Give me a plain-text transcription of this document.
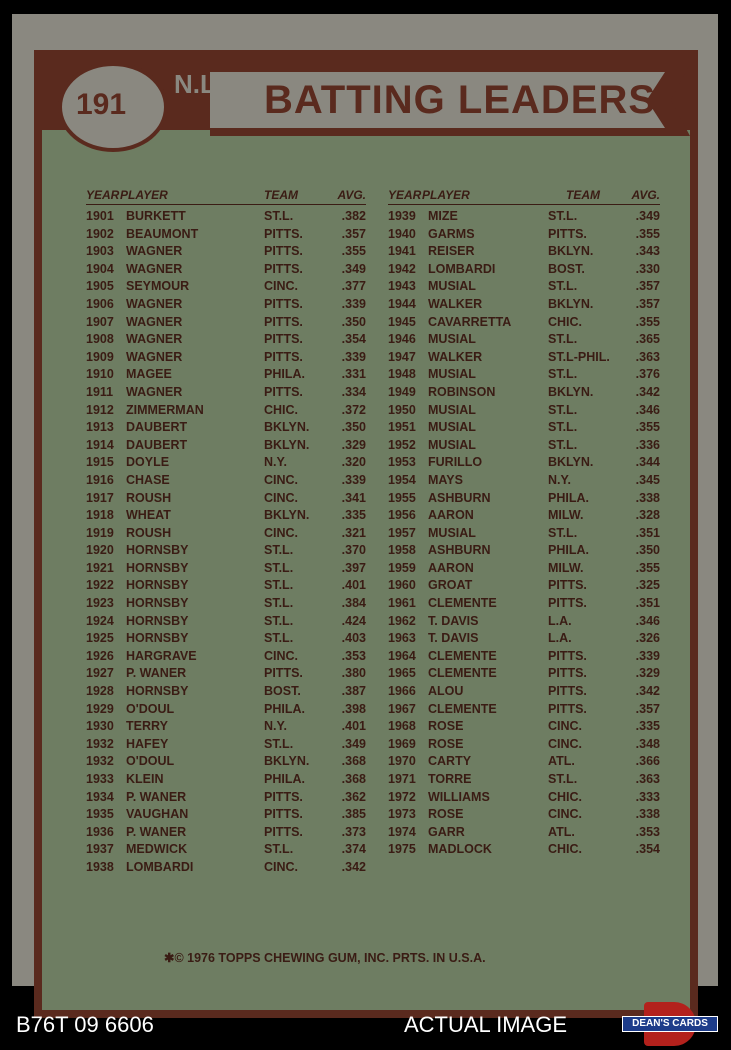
BATTING LEADERS
191
N.L.
YEAR PLAYER	TEAM	AVG.
1901 BURKETT	ST.L.	.382
1902 BEAUMONT	PITTS.	.357
1903 WAGNER	PITTS.	.355
1904 WAGNER	PITTS.	.349
1905 SEYMOUR	CINC.	.377
1906 WAGNER	PITTS.	.339
1907 WAGNER	PITTS.	.350
1908 WAGNER	PITTS.	.354
1909 WAGNER	PITTS.	.339
1910 MAGEE	PHILA.	.331
1911 WAGNER	PITTS.	.334
1912 ZIMMERMAN	CHIC.	.372
1913 DAUBERT	BKLYN.	.350
1914 DAUBERT	BKLYN.	.329
1915 DOYLE	N.Y.	.320
1916 CHASE	CINC.	.339
1917 ROUSH	CINC.	.341
1918 WHEAT	BKLYN.	.335
1919 ROUSH	CINC.	.321
1920 HORNSBY	ST.L.	.370
1921 HORNSBY	ST.L.	.397
1922 HORNSBY	ST.L.	.401
1923 HORNSBY	ST.L.	.384
1924 HORNSBY	ST.L.	.424
1925 HORNSBY	ST.L.	.403
1926 HARGRAVE	CINC.	.353
1927 P. WANER	PITTS.	.380
1928 HORNSBY	BOST.	.387
1929 O'DOUL	PHILA.	.398
1930 TERRY	N.Y.	.401
1932 HAFEY	ST.L.	.349
1932 O'DOUL	BKLYN.	.368
1933 KLEIN	PHILA.	.368
1934 P. WANER	PITTS.	.362
1935 VAUGHAN	PITTS.	.385
1936 P. WANER	PITTS.	.373
1937 MEDWICK	ST.L.	.374
1938 LOMBARDI	CINC.	.342
YEAR PLAYER	TEAM	AVG.
1939 MIZE	ST.L.	.349
1940 GARMS	PITTS.	.355
1941 REISER	BKLYN.	.343
1942 LOMBARDI	BOST.	.330
1943 MUSIAL	ST.L.	.357
1944 WALKER	BKLYN.	.357
1945 CAVARRETTA	CHIC.	.355
1946 MUSIAL	ST.L.	.365
1947 WALKER	ST.L-PHIL. .363
1948 MUSIAL	ST.L.	.376
1949 ROBINSON	BKLYN.	.342
1950 MUSIAL	ST.L.	.346
1951 MUSIAL	ST.L.	.355
1952 MUSIAL	ST.L.	.336
1953 FURILLO	BKLYN.	.344
1954 MAYS	N.Y.	.345
1955 ASHBURN	PHILA.	.338
1956 AARON	MILW.	.328
1957 MUSIAL	ST.L.	.351
1958 ASHBURN	PHILA.	.350
1959 AARON	MILW.	.355
1960 GROAT	PITTS.	.325
1961 CLEMENTE	PITTS.	.351
1962 T. DAVIS	L.A.	.346
1963 T. DAVIS	L.A.	.326
1964 CLEMENTE	PITTS.	.339
1965 CLEMENTE	PITTS.	.329
1966 ALOU	PITTS.	.342
1967 CLEMENTE	PITTS.	.357
1968 ROSE	CINC.	.335
1969 ROSE	CINC.	.348
1970 CARTY	ATL.	.366
1971 TORRE	ST.L.	.363
1972 WILLIAMS	CHIC.	.333
1973 ROSE	CINC.	.338
1974 GARR	ATL.	.353
1975 MADLOCK	CHIC.	.354
✱© 1976 TOPPS CHEWING GUM, INC. PRTS. IN U.S.A.
B76T 09 6606	ACTUAL IMAGE	DEAN'S CARDS
